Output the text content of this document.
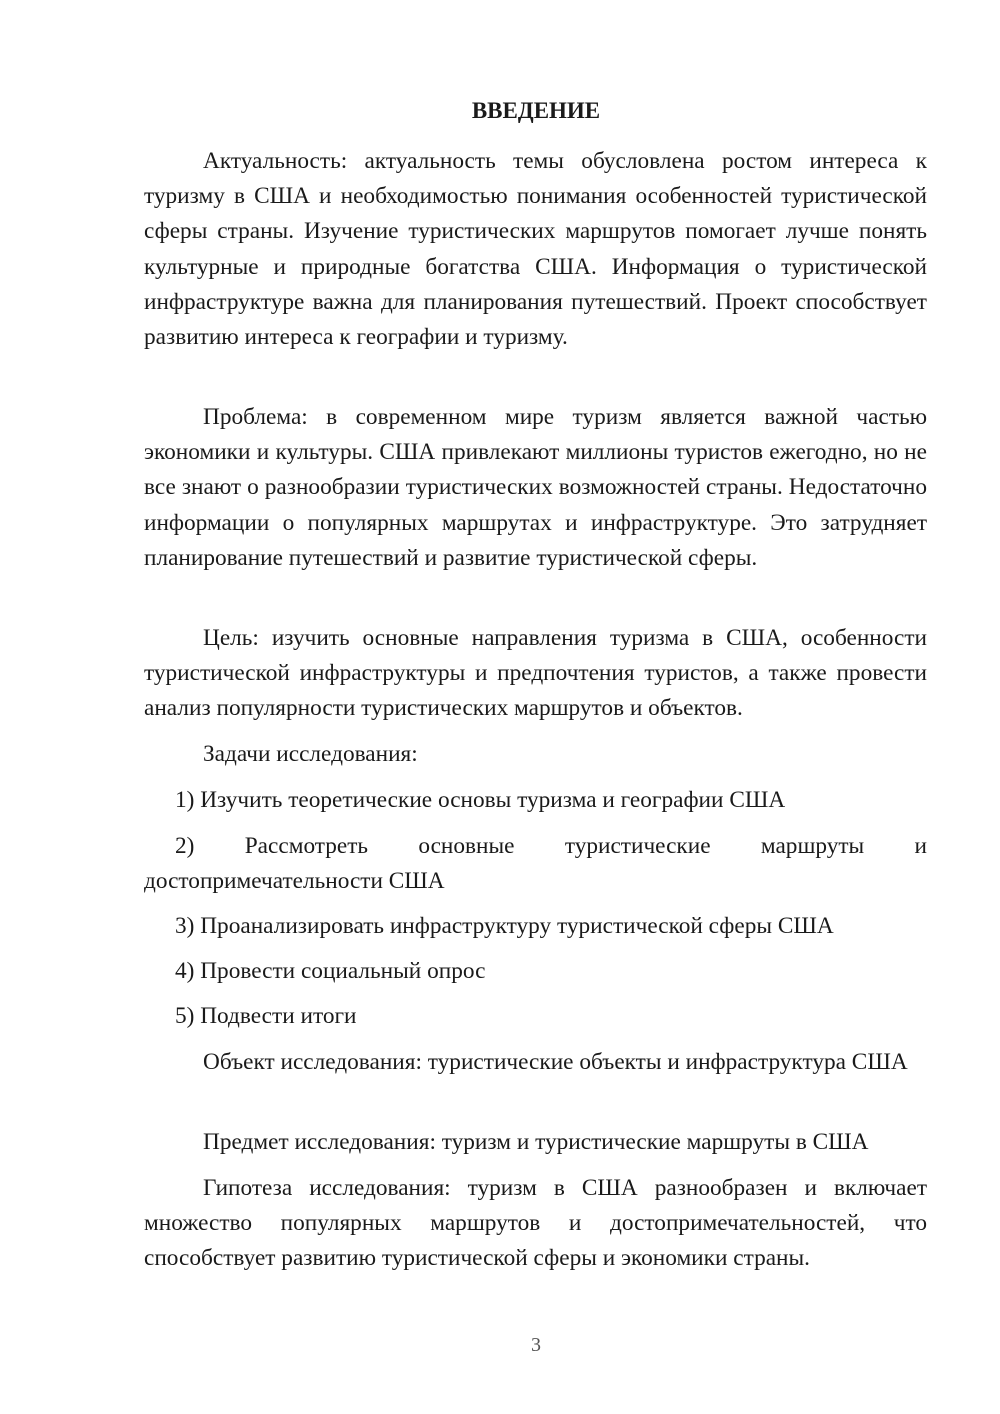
ВВЕДЕНИЕ
Актуальность: актуальность темы обусловлена ростом интереса к туризму в США и необходимостью понимания особенностей туристической сферы страны. Изучение туристических маршрутов помогает лучше понять культурные и природные богатства США. Информация о туристической инфраструктуре важна для планирования путешествий. Проект способствует развитию интереса к географии и туризму.
Проблема: в современном мире туризм является важной частью экономики и культуры. США привлекают миллионы туристов ежегодно, но не все знают о разнообразии туристических возможностей страны. Недостаточно информации о популярных маршрутах и инфраструктуре. Это затрудняет планирование путешествий и развитие туристической сферы.
Цель: изучить основные направления туризма в США, особенности туристической инфраструктуры и предпочтения туристов, а также провести анализ популярности туристических маршрутов и объектов.
Задачи исследования:
1) Изучить теоретические основы туризма и географии США
2) Рассмотреть основные туристические маршруты и достопримечательности США
3) Проанализировать инфраструктуру туристической сферы США
4) Провести социальный опрос
5) Подвести итоги
Объект исследования: туристические объекты и инфраструктура США
Предмет исследования: туризм и туристические маршруты в США
Гипотеза исследования: туризм в США разнообразен и включает множество популярных маршрутов и достопримечательностей, что способствует развитию туристической сферы и экономики страны.
3
